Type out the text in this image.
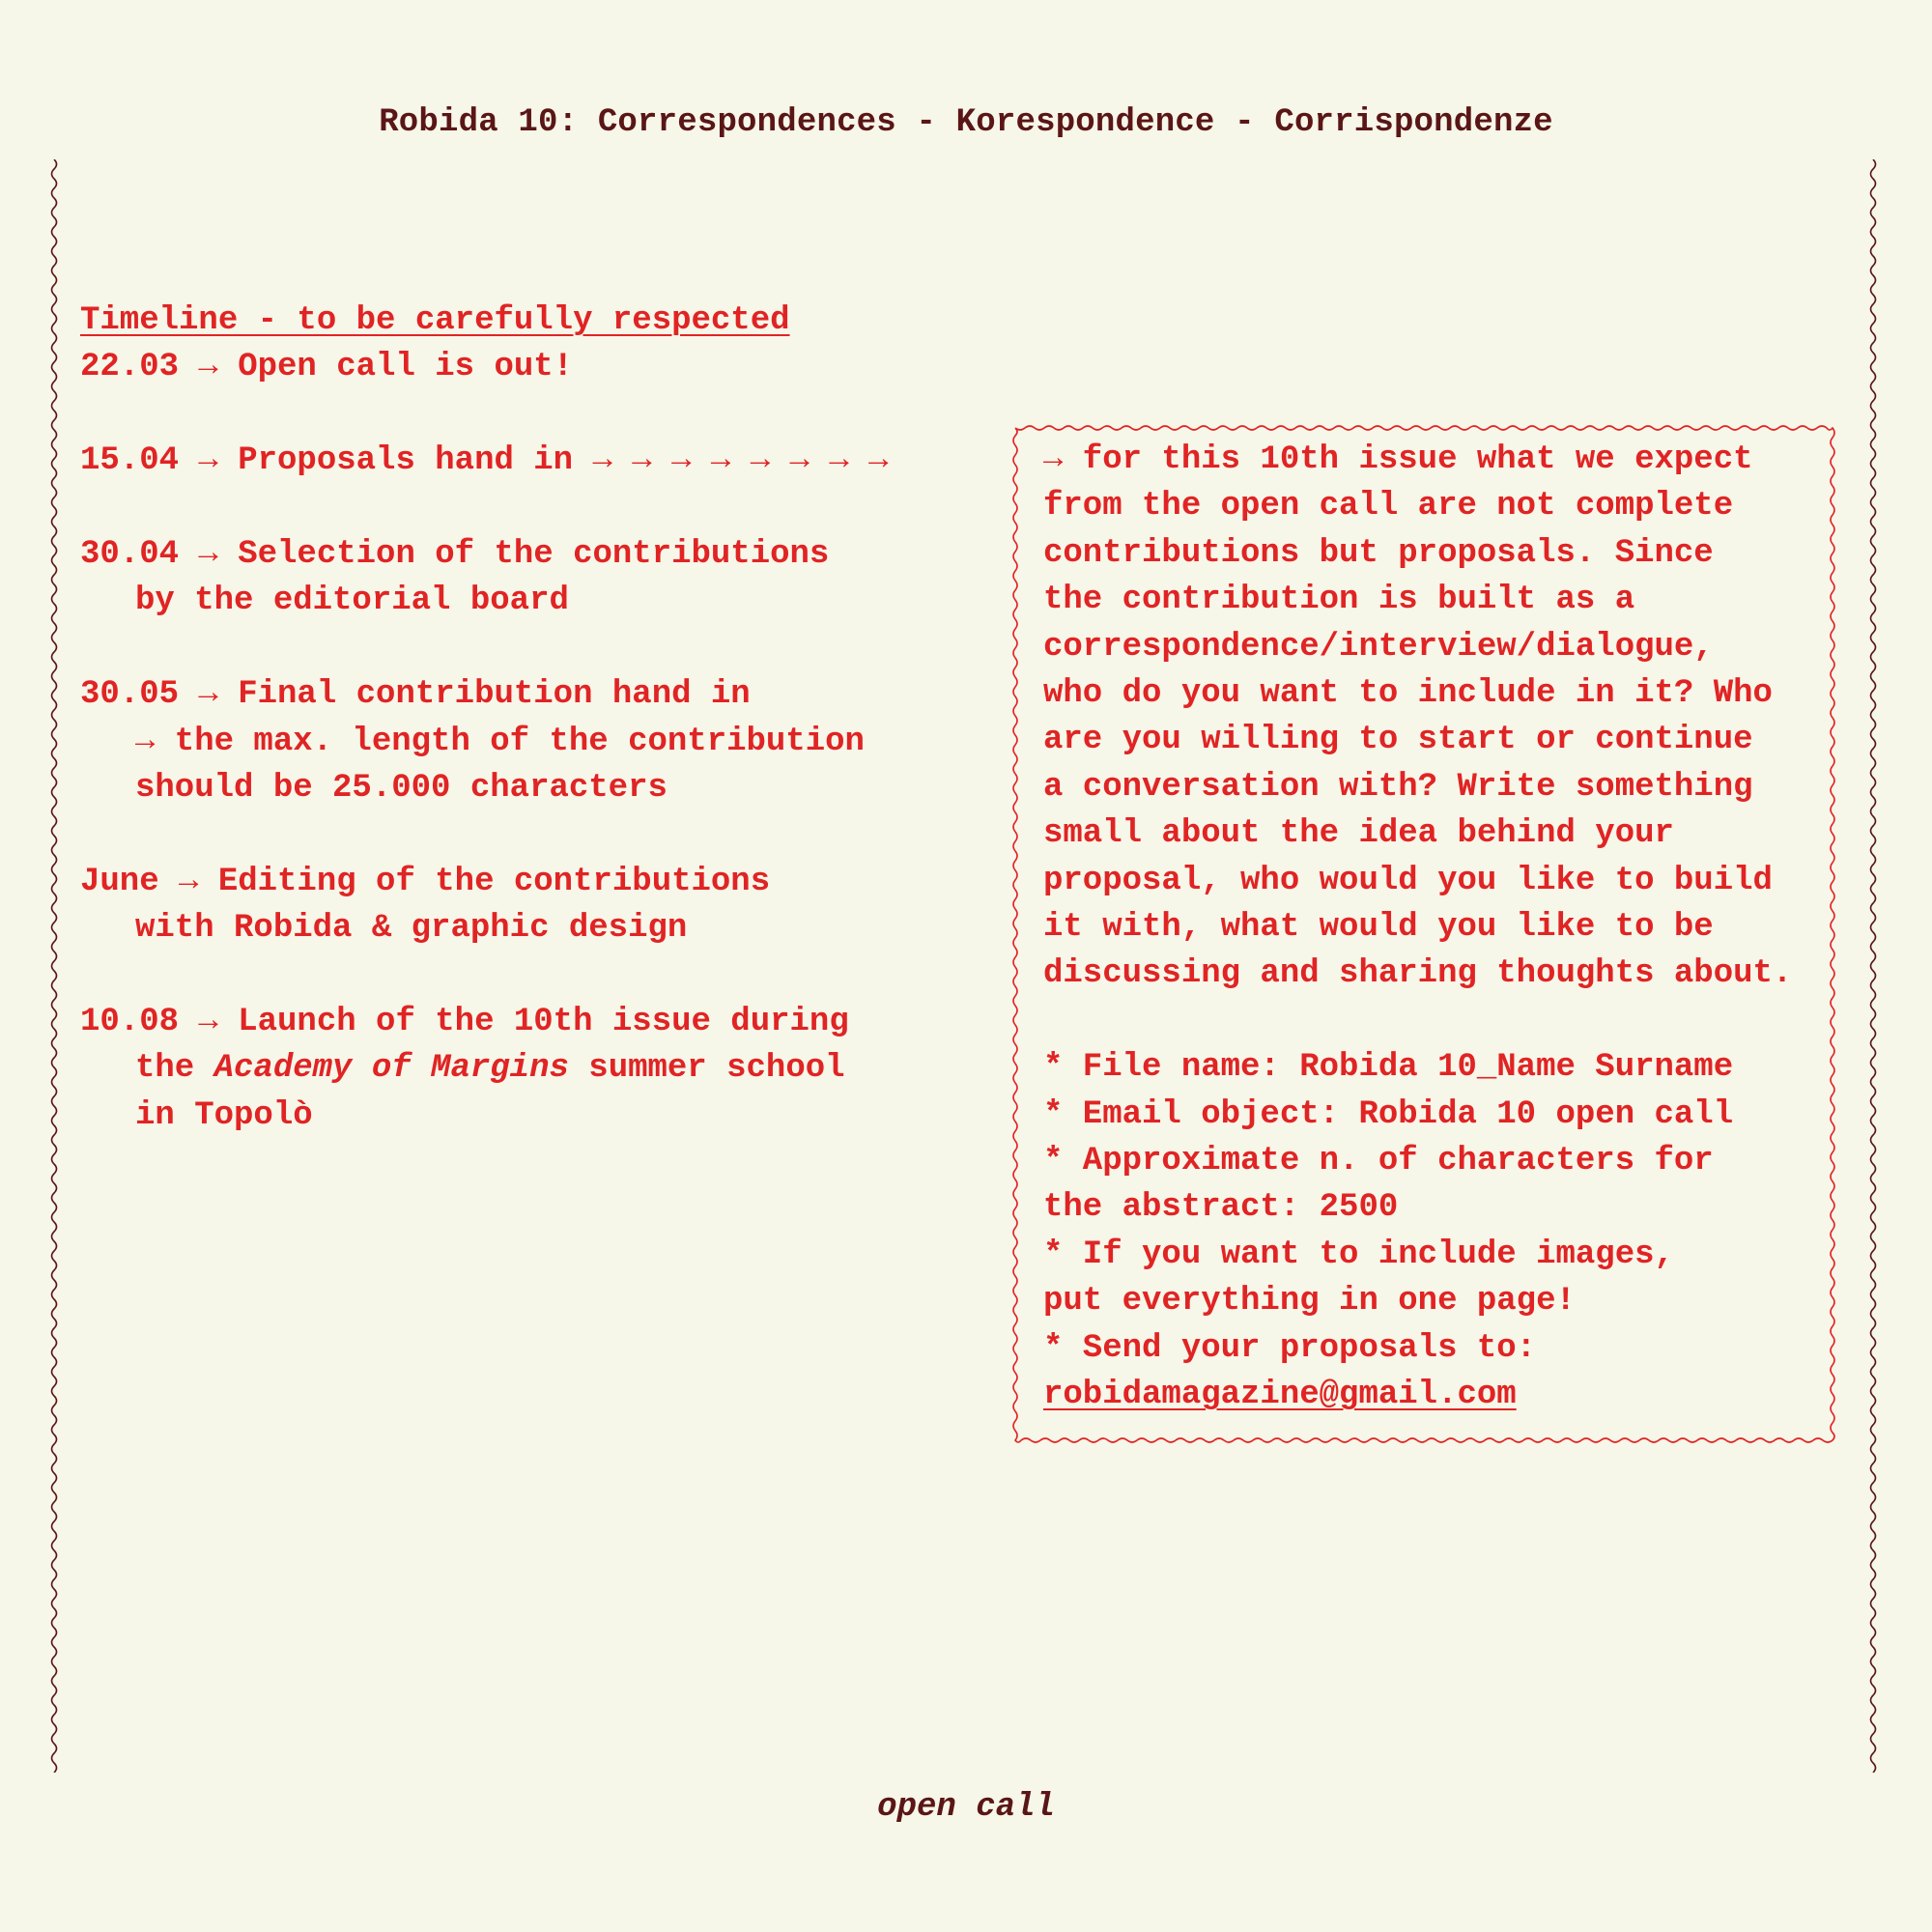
Robida 10: Correspondences - Korespondence - Corrispondenze
Timeline - to be carefully respected
22.03 → Open call is out!
15.04 → Proposals hand in → → → → → → → →
30.04 → Selection of the contributions
by the editorial board
30.05 → Final contribution hand in
→ the max. length of the contribution
should be 25.000 characters
June → Editing of the contributions
with Robida & graphic design
10.08 → Launch of the 10th issue during
the Academy of Margins summer school
in Topolò
→ for this 10th issue what we expect
from the open call are not complete
contributions but proposals. Since
the contribution is built as a
correspondence/interview/dialogue,
who do you want to include in it? Who
are you willing to start or continue
a conversation with? Write something
small about the idea behind your
proposal, who would you like to build
it with, what would you like to be
discussing and sharing thoughts about.
* File name: Robida 10_Name Surname
* Email object: Robida 10 open call
* Approximate n. of characters for
the abstract: 2500
* If you want to include images,
put everything in one page!
* Send your proposals to:
robidamagazine@gmail.com
open call
